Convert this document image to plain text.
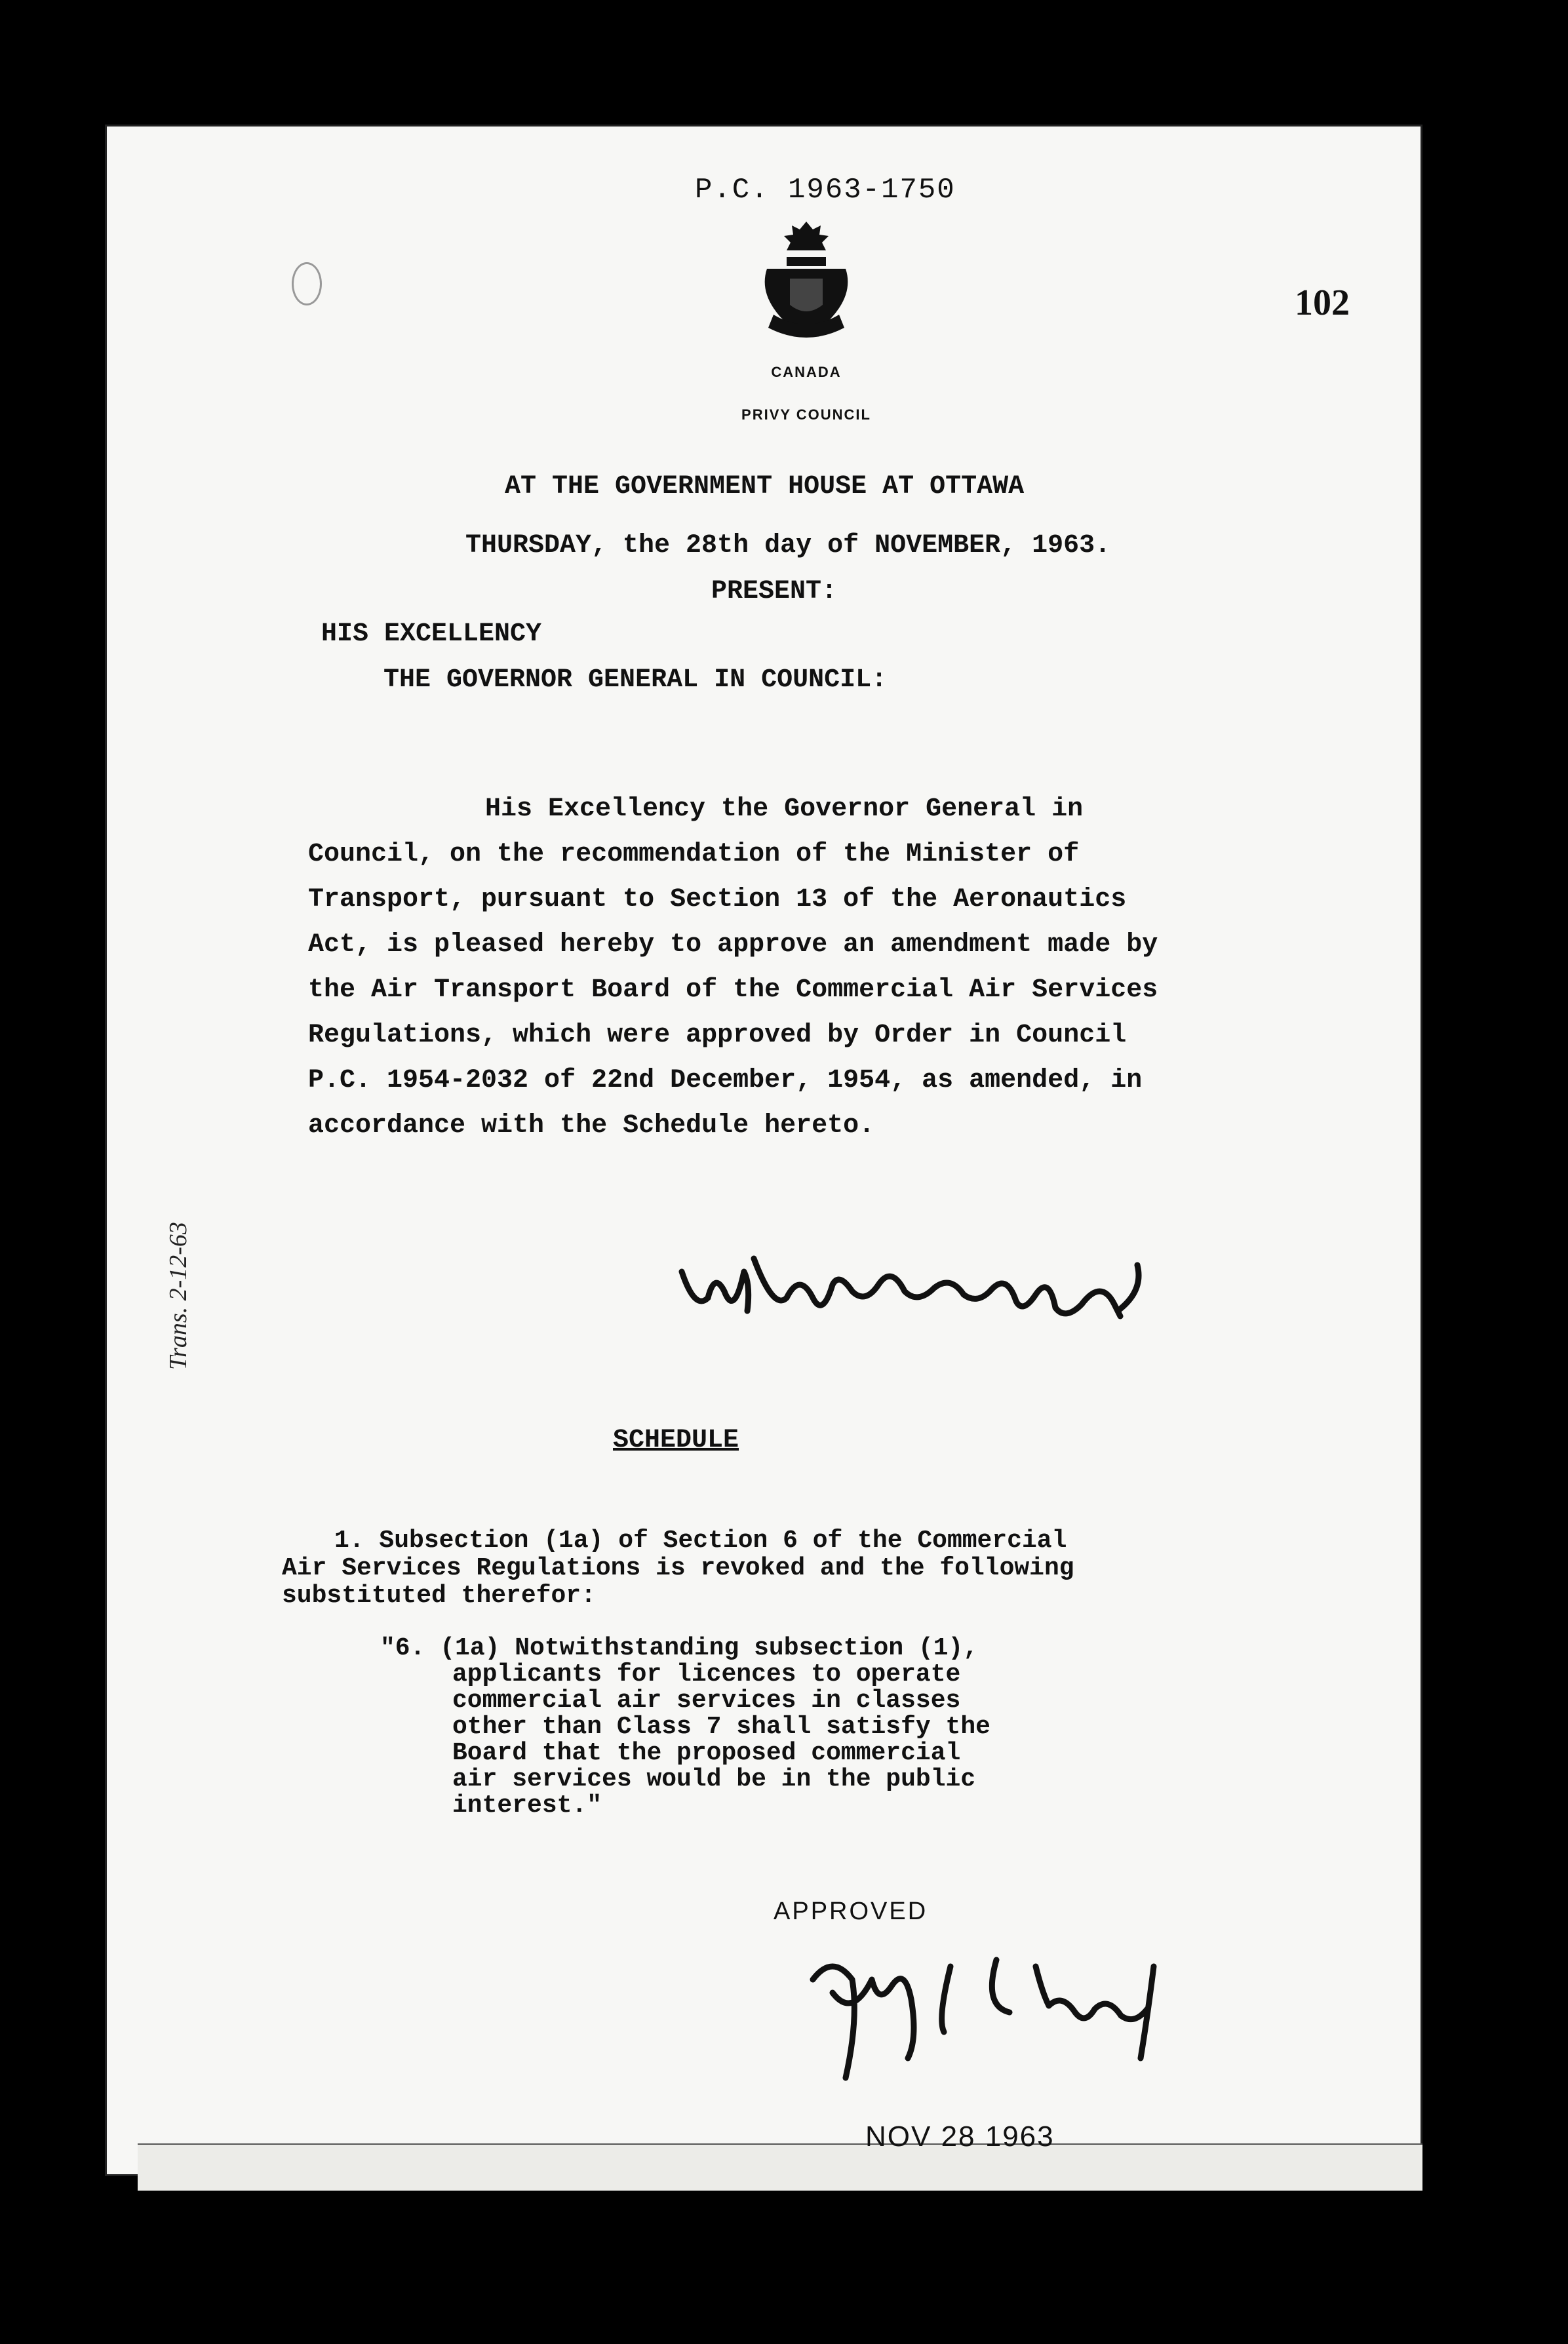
P.C. 1963-1750
102
CANADA
PRIVY COUNCIL
AT THE GOVERNMENT HOUSE AT OTTAWA
THURSDAY, the 28th day of NOVEMBER, 1963.
PRESENT:
HIS EXCELLENCY
THE GOVERNOR GENERAL IN COUNCIL:

His Excellency the Governor General in

Council, on the recommendation of the Minister of

Transport, pursuant to Section 13 of the Aeronautics

Act, is pleased hereby to approve an amendment made by

the Air Transport Board of the Commercial Air Services

Regulations, which were approved by Order in Council

P.C. 1954-2032 of 22nd December, 1954, as amended, in

accordance with the Schedule hereto.

SCHEDULE

1. Subsection (1a) of Section 6 of the Commercial

Air Services Regulations is revoked and the following

substituted therefor:

"6. (1a) Notwithstanding subsection (1),

applicants for licences to operate

commercial air services in classes

other than Class 7 shall satisfy the

Board that the proposed commercial

air services would be in the public

interest."

APPROVED
NOV 28 1963
Trans. 2-12-63
